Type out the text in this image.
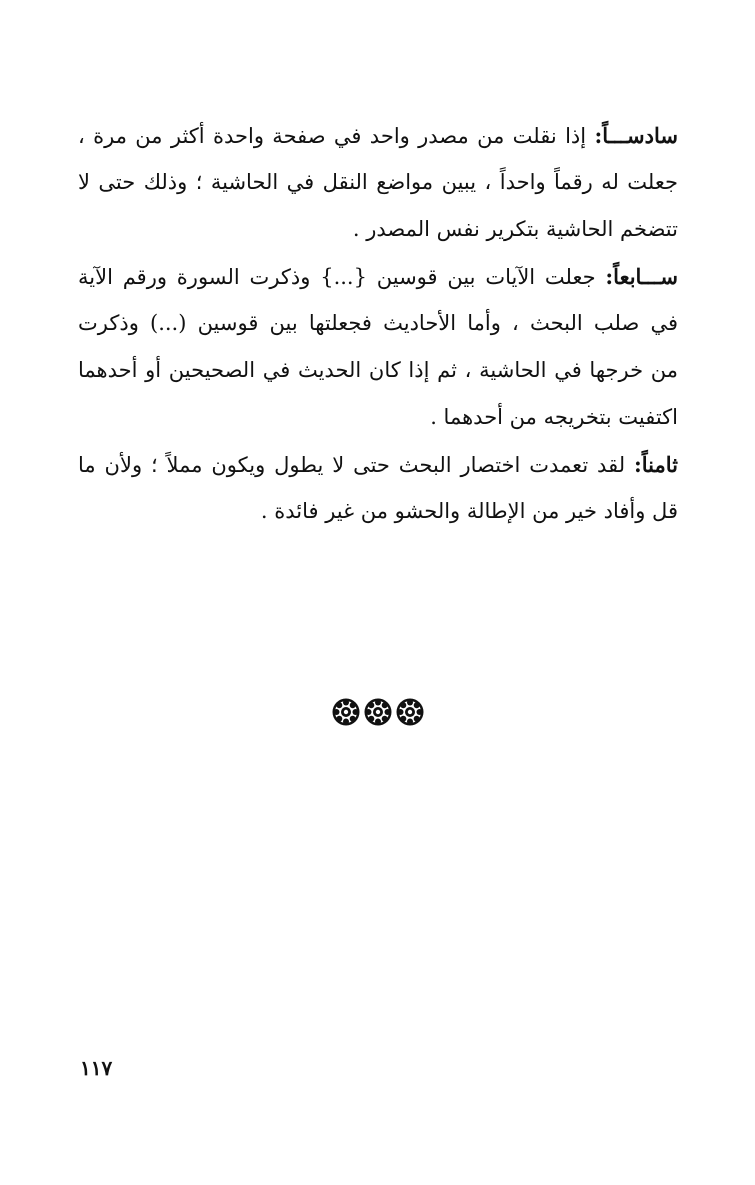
سادســـاً: إذا نقلت من مصدر واحد في صفحة واحدة أكثر من مرة ،
جعلت له رقماً واحداً ، يبين مواضع النقل في الحاشية ؛ وذلك حتى لا
تتضخم الحاشية بتكرير نفس المصدر .
ســـابعاً: جعلت الآيات بين قوسين {...} وذكرت السورة ورقم الآية
في صلب البحث ، وأما الأحاديث فجعلتها بين قوسين (...) وذكرت
من خرجها في الحاشية ، ثم إذا كان الحديث في الصحيحين أو أحدهما
اكتفيت بتخريجه من أحدهما .
ثامناً: لقد تعمدت اختصار البحث حتى لا يطول ويكون مملاً ؛ ولأن ما
قل وأفاد خير من الإطالة والحشو من غير فائدة .
١١٧
